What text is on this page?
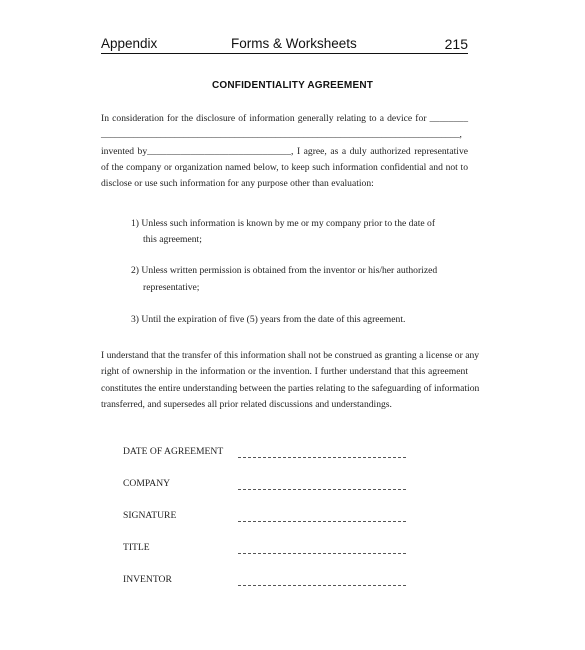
Appendix	Forms & Worksheets	215
CONFIDENTIALITY AGREEMENT
In consideration for the disclosure of information generally relating to a device for ________
______________________________________________________________________________,
invented by______________________________, I agree, as a duly authorized representative
of the company or organization named below, to keep such information confidential and not to
disclose or use such information for any purpose other than evaluation:
1) Unless such information is known by me or my company prior to the date of
this agreement;
2) Unless written permission is obtained from the inventor or his/her authorized
representative;
3) Until the expiration of five (5) years from the date of this agreement.
I understand that the transfer of this information shall not be construed as granting a license or any
right of ownership in the information or the invention. I further understand that this agreement
constitutes the entire understanding between the parties relating to the safeguarding of information
transferred, and supersedes all prior related discussions and understandings.
DATE OF AGREEMENT
COMPANY
SIGNATURE
TITLE
INVENTOR
